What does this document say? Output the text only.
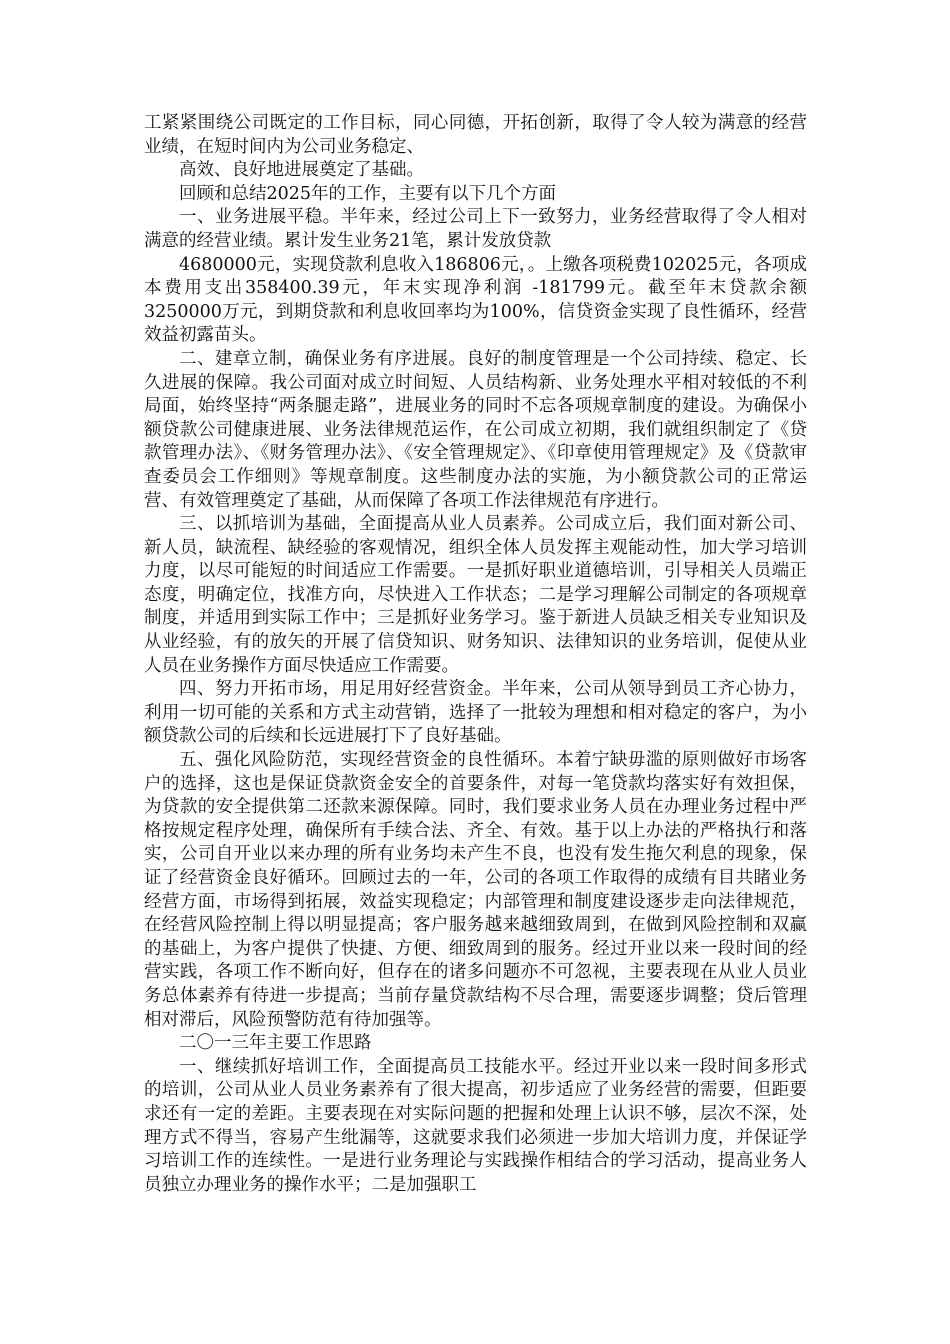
工紧紧围绕公司既定的工作目标，同心同德，开拓创新，取得了令人较为满意的经营业绩，在短时间内为公司业务稳定、

高效、良好地进展奠定了基础。

回顾和总结2025年的工作，主要有以下几个方面

一、业务进展平稳。半年来，经过公司上下一致努力，业务经营取得了令人相对满意的经营业绩。累计发生业务21笔，累计发放贷款

4680000元，实现贷款利息收入186806元，。上缴各项税费102025元，各项成本费用支出358400.39元，年末实现净利润 -181799元。截至年末贷款余额3250000万元，到期贷款和利息收回率均为100%，信贷资金实现了良性循环，经营效益初露苗头。

二、建章立制，确保业务有序进展。良好的制度管理是一个公司持续、稳定、长久进展的保障。我公司面对成立时间短、人员结构新、业务处理水平相对较低的不利局面，始终坚持“两条腿走路”，进展业务的同时不忘各项规章制度的建设。为确保小额贷款公司健康进展、业务法律规范运作，在公司成立初期，我们就组织制定了《贷款管理办法》、《财务管理办法》、《安全管理规定》、《印章使用管理规定》及《贷款审查委员会工作细则》等规章制度。这些制度办法的实施，为小额贷款公司的正常运营、有效管理奠定了基础，从而保障了各项工作法律规范有序进行。

三、以抓培训为基础，全面提高从业人员素养。公司成立后，我们面对新公司、新人员，缺流程、缺经验的客观情况，组织全体人员发挥主观能动性，加大学习培训力度，以尽可能短的时间适应工作需要。一是抓好职业道德培训，引导相关人员端正态度，明确定位，找准方向，尽快进入工作状态；二是学习理解公司制定的各项规章制度，并适用到实际工作中；三是抓好业务学习。鉴于新进人员缺乏相关专业知识及从业经验，有的放矢的开展了信贷知识、财务知识、法律知识的业务培训，促使从业人员在业务操作方面尽快适应工作需要。

四、努力开拓市场，用足用好经营资金。半年来，公司从领导到员工齐心协力，利用一切可能的关系和方式主动营销，选择了一批较为理想和相对稳定的客户，为小额贷款公司的后续和长远进展打下了良好基础。

五、强化风险防范，实现经营资金的良性循环。本着宁缺毋滥的原则做好市场客户的选择，这也是保证贷款资金安全的首要条件，对每一笔贷款均落实好有效担保，为贷款的安全提供第二还款来源保障。同时，我们要求业务人员在办理业务过程中严格按规定程序处理，确保所有手续合法、齐全、有效。基于以上办法的严格执行和落实，公司自开业以来办理的所有业务均未产生不良，也没有发生拖欠利息的现象，保证了经营资金良好循环。回顾过去的一年，公司的各项工作取得的成绩有目共睹业务经营方面，市场得到拓展，效益实现稳定；内部管理和制度建设逐步走向法律规范，在经营风险控制上得以明显提高；客户服务越来越细致周到，在做到风险控制和双赢的基础上，为客户提供了快捷、方便、细致周到的服务。经过开业以来一段时间的经营实践，各项工作不断向好，但存在的诸多问题亦不可忽视，主要表现在从业人员业务总体素养有待进一步提高；当前存量贷款结构不尽合理，需要逐步调整；贷后管理相对滞后，风险预警防范有待加强等。

二〇一三年主要工作思路

一、继续抓好培训工作，全面提高员工技能水平。经过开业以来一段时间多形式的培训，公司从业人员业务素养有了很大提高，初步适应了业务经营的需要，但距要求还有一定的差距。主要表现在对实际问题的把握和处理上认识不够，层次不深，处理方式不得当，容易产生纰漏等，这就要求我们必须进一步加大培训力度，并保证学习培训工作的连续性。一是进行业务理论与实践操作相结合的学习活动，提高业务人员独立办理业务的操作水平；二是加强职工
